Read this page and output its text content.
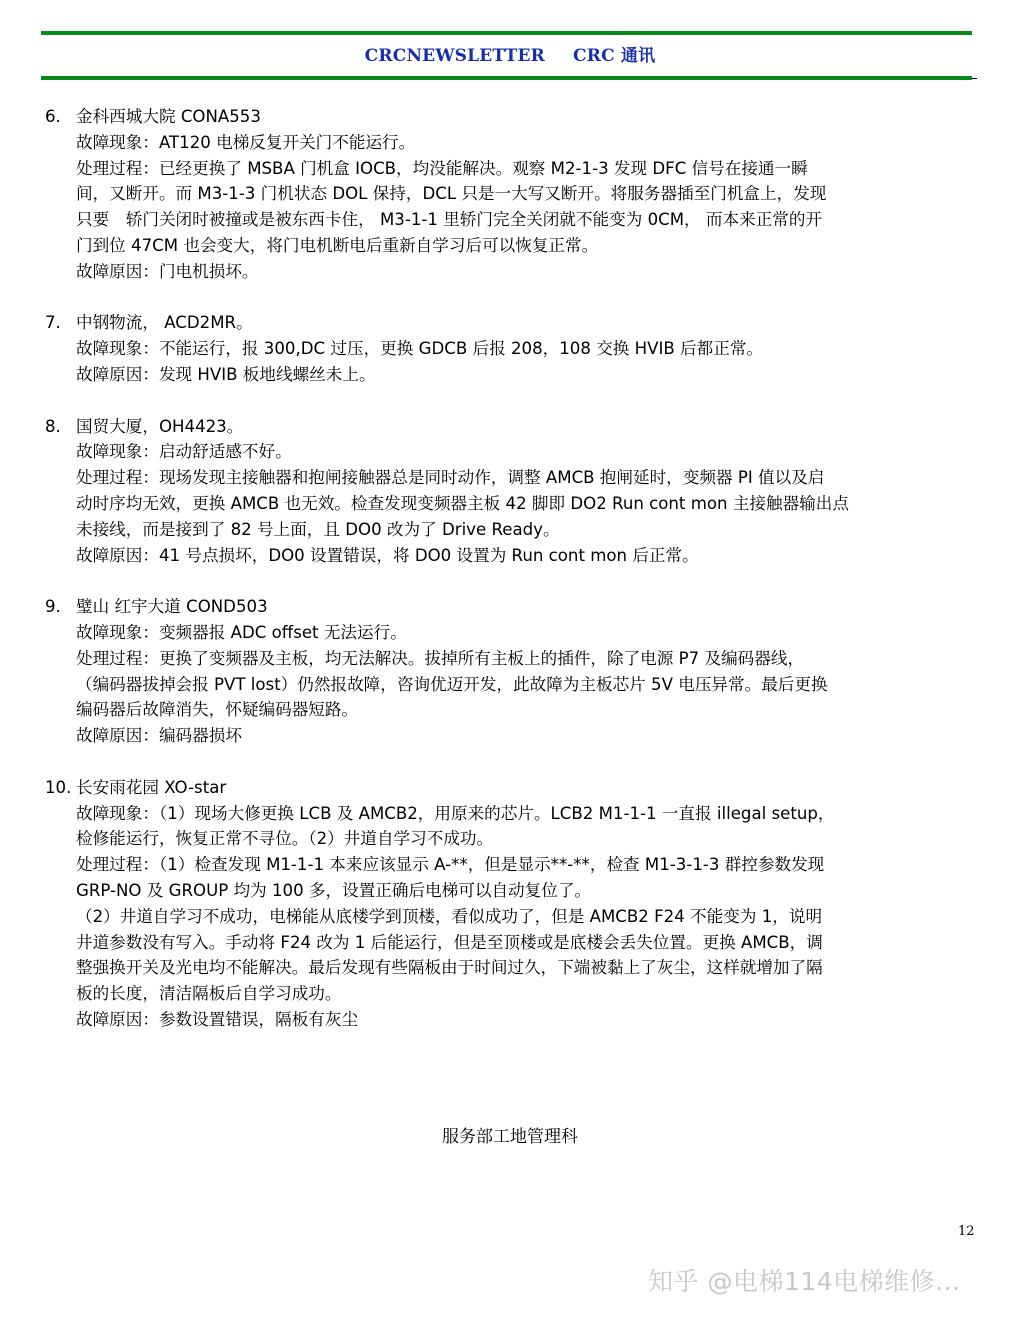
CRCNEWSLETTER CRC 通讯
6. 金科西城大院 CONA553
故障现象：AT120 电梯反复开关门不能运行。
处理过程：已经更换了 MSBA 门机盒 IOCB，均没能解决。观察 M2-1-3 发现 DFC 信号在接通一瞬
间，又断开。而 M3-1-3 门机状态 DOL 保持，DCL 只是一大写又断开。将服务器插至门机盒上，发现
只要　轿门关闭时被撞或是被东西卡住， M3-1-1 里轿门完全关闭就不能变为 0CM， 而本来正常的开
门到位 47CM 也会变大，将门电机断电后重新自学习后可以恢复正常。
故障原因：门电机损坏。
7. 中钢物流， ACD2MR。
故障现象：不能运行，报 300,DC 过压，更换 GDCB 后报 208，108 交换 HVIB 后都正常。
故障原因：发现 HVIB 板地线螺丝未上。
8. 国贸大厦，OH4423。
故障现象：启动舒适感不好。
处理过程：现场发现主接触器和抱闸接触器总是同时动作，调整 AMCB 抱闸延时，变频器 PI 值以及启
动时序均无效，更换 AMCB 也无效。检查发现变频器主板 42 脚即 DO2 Run cont mon 主接触器输出点
未接线，而是接到了 82 号上面，且 DO0 改为了 Drive Ready。
故障原因：41 号点损坏，DO0 设置错误，将 DO0 设置为 Run cont mon 后正常。
9. 璧山 红宇大道 COND503
故障现象：变频器报 ADC offset 无法运行。
处理过程：更换了变频器及主板，均无法解决。拔掉所有主板上的插件，除了电源 P7 及编码器线，
（编码器拔掉会报 PVT lost）仍然报故障，咨询优迈开发，此故障为主板芯片 5V 电压异常。最后更换
编码器后故障消失，怀疑编码器短路。
故障原因：编码器损坏
10. 长安雨花园 XO-star
故障现象：（1）现场大修更换 LCB 及 AMCB2，用原来的芯片。LCB2 M1-1-1 一直报 illegal setup，
检修能运行，恢复正常不寻位。（2）井道自学习不成功。
处理过程：（1）检查发现 M1-1-1 本来应该显示 A-**，但是显示**-**，检查 M1-3-1-3 群控参数发现
GRP-NO 及 GROUP 均为 100 多，设置正确后电梯可以自动复位了。
（2）井道自学习不成功，电梯能从底楼学到顶楼，看似成功了，但是 AMCB2 F24 不能变为 1，说明
井道参数没有写入。手动将 F24 改为 1 后能运行，但是至顶楼或是底楼会丢失位置。更换 AMCB，调
整强换开关及光电均不能解决。最后发现有些隔板由于时间过久，下端被黏上了灰尘，这样就增加了隔
板的长度，清洁隔板后自学习成功。
故障原因：参数设置错误，隔板有灰尘
服务部工地管理科
12
知乎 @电梯114电梯维修...
